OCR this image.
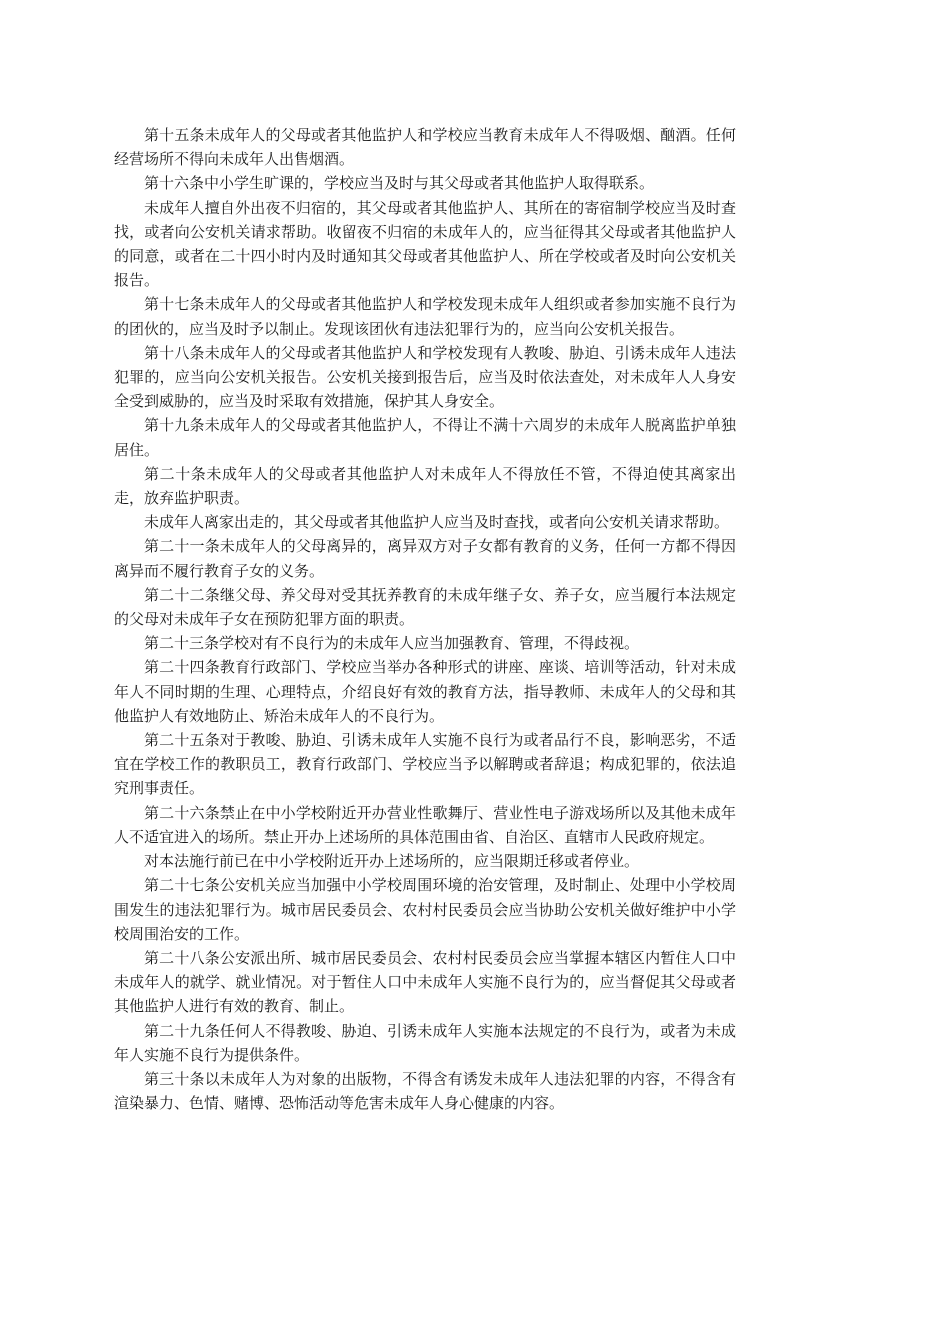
第十五条未成年人的父母或者其他监护人和学校应当教育未成年人不得吸烟、酗酒。任何经营场所不得向未成年人出售烟酒。

第十六条中小学生旷课的，学校应当及时与其父母或者其他监护人取得联系。

未成年人擅自外出夜不归宿的，其父母或者其他监护人、其所在的寄宿制学校应当及时查找，或者向公安机关请求帮助。收留夜不归宿的未成年人的，应当征得其父母或者其他监护人的同意，或者在二十四小时内及时通知其父母或者其他监护人、所在学校或者及时向公安机关报告。

第十七条未成年人的父母或者其他监护人和学校发现未成年人组织或者参加实施不良行为的团伙的，应当及时予以制止。发现该团伙有违法犯罪行为的，应当向公安机关报告。

第十八条未成年人的父母或者其他监护人和学校发现有人教唆、胁迫、引诱未成年人违法犯罪的，应当向公安机关报告。公安机关接到报告后，应当及时依法查处，对未成年人人身安全受到威胁的，应当及时采取有效措施，保护其人身安全。

第十九条未成年人的父母或者其他监护人，不得让不满十六周岁的未成年人脱离监护单独居住。

第二十条未成年人的父母或者其他监护人对未成年人不得放任不管，不得迫使其离家出走，放弃监护职责。

未成年人离家出走的，其父母或者其他监护人应当及时查找，或者向公安机关请求帮助。

第二十一条未成年人的父母离异的，离异双方对子女都有教育的义务，任何一方都不得因离异而不履行教育子女的义务。

第二十二条继父母、养父母对受其抚养教育的未成年继子女、养子女，应当履行本法规定的父母对未成年子女在预防犯罪方面的职责。

第二十三条学校对有不良行为的未成年人应当加强教育、管理，不得歧视。

第二十四条教育行政部门、学校应当举办各种形式的讲座、座谈、培训等活动，针对未成年人不同时期的生理、心理特点，介绍良好有效的教育方法，指导教师、未成年人的父母和其他监护人有效地防止、矫治未成年人的不良行为。

第二十五条对于教唆、胁迫、引诱未成年人实施不良行为或者品行不良，影响恶劣，不适宜在学校工作的教职员工，教育行政部门、学校应当予以解聘或者辞退；构成犯罪的，依法追究刑事责任。

第二十六条禁止在中小学校附近开办营业性歌舞厅、营业性电子游戏场所以及其他未成年人不适宜进入的场所。禁止开办上述场所的具体范围由省、自治区、直辖市人民政府规定。

对本法施行前已在中小学校附近开办上述场所的，应当限期迁移或者停业。

第二十七条公安机关应当加强中小学校周围环境的治安管理，及时制止、处理中小学校周围发生的违法犯罪行为。城市居民委员会、农村村民委员会应当协助公安机关做好维护中小学校周围治安的工作。

第二十八条公安派出所、城市居民委员会、农村村民委员会应当掌握本辖区内暂住人口中未成年人的就学、就业情况。对于暂住人口中未成年人实施不良行为的，应当督促其父母或者其他监护人进行有效的教育、制止。

第二十九条任何人不得教唆、胁迫、引诱未成年人实施本法规定的不良行为，或者为未成年人实施不良行为提供条件。

第三十条以未成年人为对象的出版物，不得含有诱发未成年人违法犯罪的内容，不得含有渲染暴力、色情、赌博、恐怖活动等危害未成年人身心健康的内容。
